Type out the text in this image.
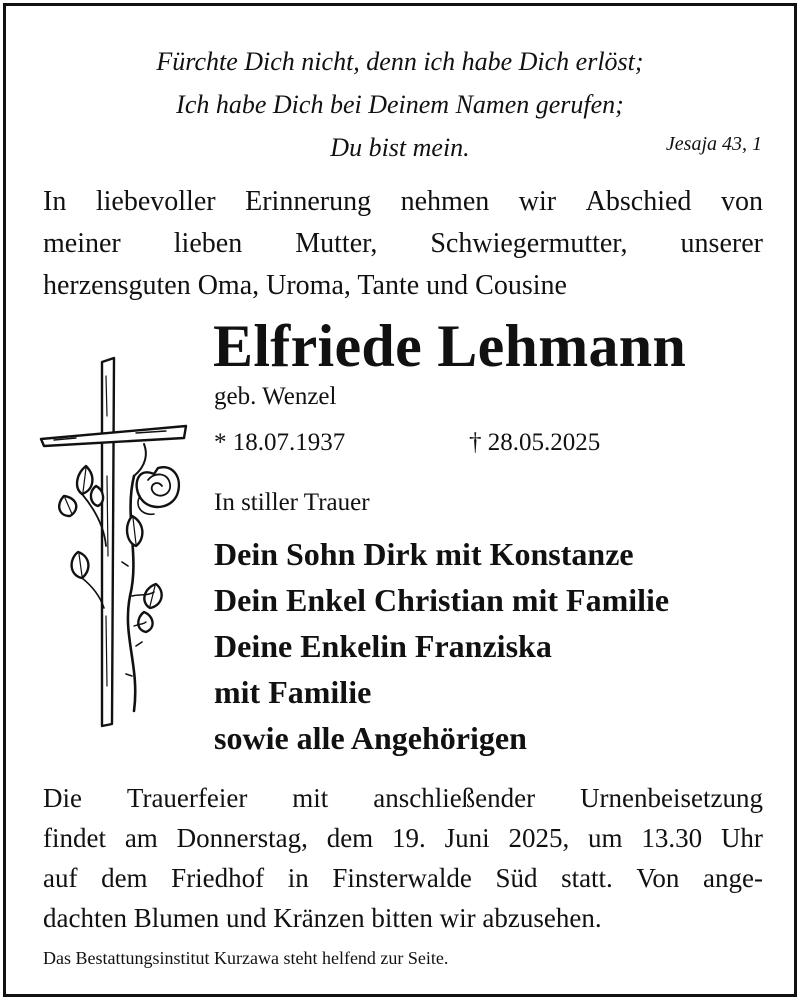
Fürchte Dich nicht, denn ich habe Dich erlöst;
Ich habe Dich bei Deinem Namen gerufen;
Du bist mein.	Jesaja 43, 1
In liebevoller Erinnerung nehmen wir Abschied von
meiner lieben Mutter, Schwiegermutter, unserer
herzensguten Oma, Uroma, Tante und Cousine
Elfriede Lehmann
geb. Wenzel
* 18.07.1937	† 28.05.2025
In stiller Trauer
Dein Sohn Dirk mit Konstanze
Dein Enkel Christian mit Familie
Deine Enkelin Franziska
mit Familie
sowie alle Angehörigen
Die Trauerfeier mit anschließender Urnenbeisetzung
findet am Donnerstag, dem 19. Juni 2025, um 13.30 Uhr
auf dem Friedhof in Finsterwalde Süd statt. Von ange-
dachten Blumen und Kränzen bitten wir abzusehen.
Das Bestattungsinstitut Kurzawa steht helfend zur Seite.
